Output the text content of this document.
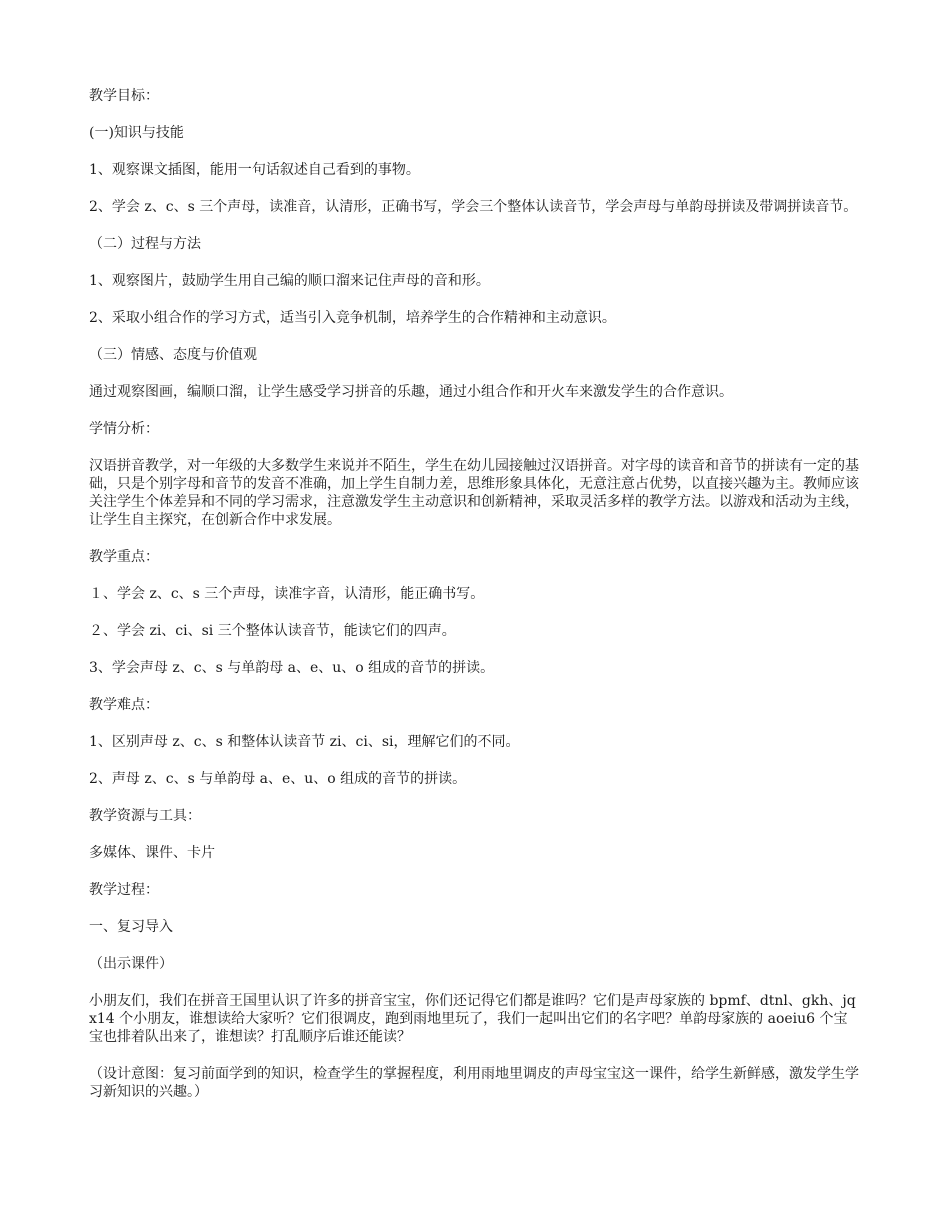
教学目标：

(一)知识与技能

1、观察课文插图，能用一句话叙述自己看到的事物。

2、学会 z、c、s 三个声母，读准音，认清形，正确书写，学会三个整体认读音节，学会声母与单韵母拼读及带调拼读音节。

（二）过程与方法

1、观察图片，鼓励学生用自己编的顺口溜来记住声母的音和形。

2、采取小组合作的学习方式，适当引入竞争机制，培养学生的合作精神和主动意识。

（三）情感、态度与价值观

通过观察图画，编顺口溜，让学生感受学习拼音的乐趣，通过小组合作和开火车来激发学生的合作意识。

学情分析：

汉语拼音教学，对一年级的大多数学生来说并不陌生，学生在幼儿园接触过汉语拼音。对字母的读音和音节的拼读有一定的基础，只是个别字母和音节的发音不准确，加上学生自制力差，思维形象具体化，无意注意占优势，以直接兴趣为主。教师应该关注学生个体差异和不同的学习需求，注意激发学生主动意识和创新精神，采取灵活多样的教学方法。以游戏和活动为主线，让学生自主探究，在创新合作中求发展。

教学重点：

１、学会 z、c、s 三个声母，读准字音，认清形，能正确书写。

２、学会 zi、ci、si 三个整体认读音节，能读它们的四声。

3、学会声母 z、c、s 与单韵母 a、e、u、o 组成的音节的拼读。

教学难点：

1、区别声母 z、c、s 和整体认读音节 zi、ci、si，理解它们的不同。

2、声母 z、c、s 与单韵母 a、e、u、o 组成的音节的拼读。

教学资源与工具：

多媒体、课件、卡片

教学过程：

一、复习导入

（出示课件）

小朋友们，我们在拼音王国里认识了许多的拼音宝宝，你们还记得它们都是谁吗？它们是声母家族的 bpmf、dtnl、gkh、jqx14 个小朋友，谁想读给大家听？它们很调皮，跑到雨地里玩了，我们一起叫出它们的名字吧？单韵母家族的 aoeiu6 个宝宝也排着队出来了，谁想读？打乱顺序后谁还能读？

（设计意图：复习前面学到的知识，检查学生的掌握程度，利用雨地里调皮的声母宝宝这一课件，给学生新鲜感，激发学生学习新知识的兴趣。）
